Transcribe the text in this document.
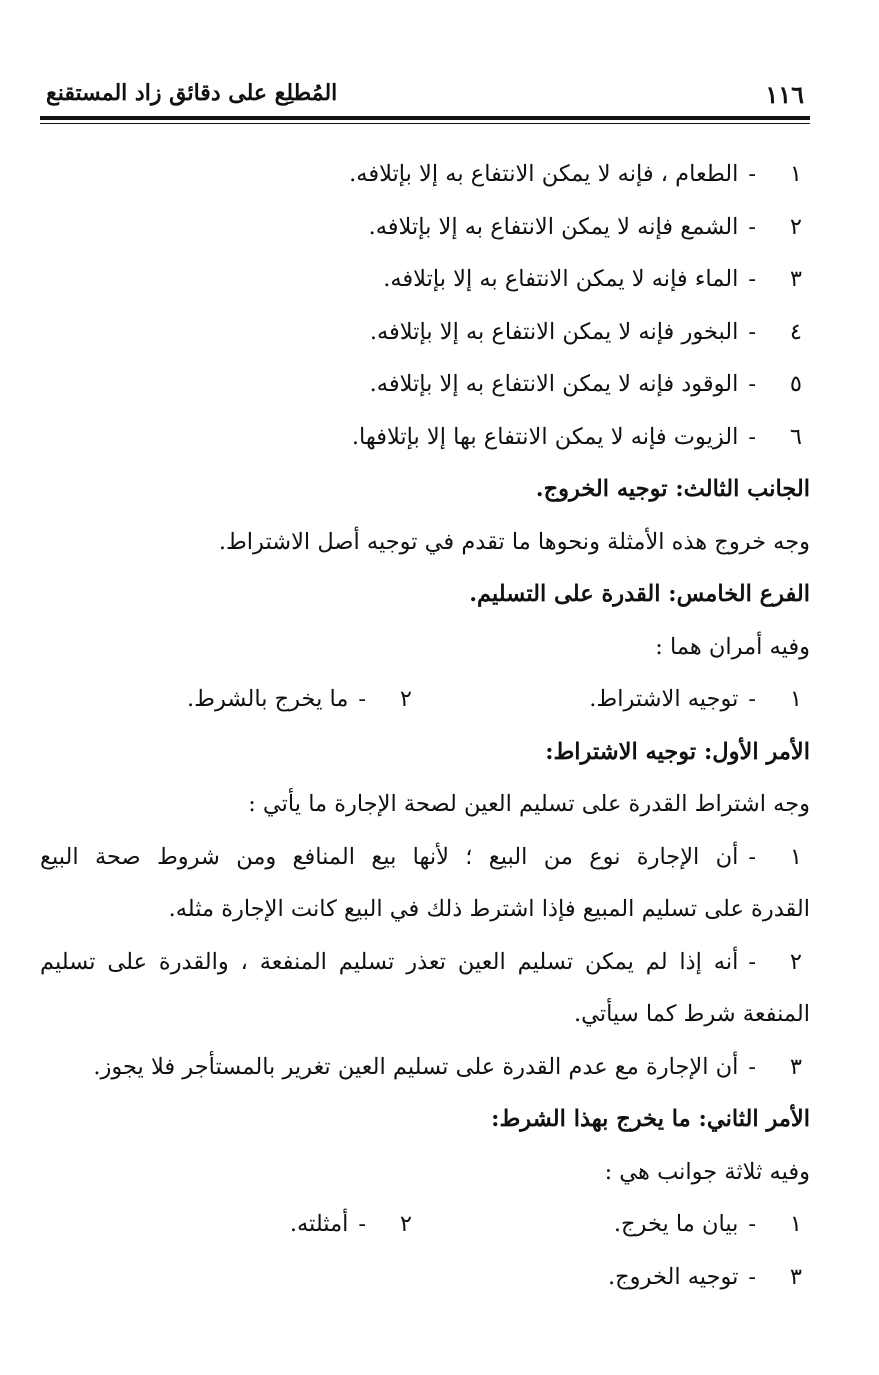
١١٦
المُطلِع على دقائق زاد المستقنع
١-الطعام ، فإنه لا يمكن الانتفاع به إلا بإتلافه.
٢-الشمع فإنه لا يمكن الانتفاع به إلا بإتلافه.
٣-الماء فإنه لا يمكن الانتفاع به إلا بإتلافه.
٤-البخور فإنه لا يمكن الانتفاع به إلا بإتلافه.
٥-الوقود فإنه لا يمكن الانتفاع به إلا بإتلافه.
٦-الزيوت فإنه لا يمكن الانتفاع بها إلا بإتلافها.
الجانب الثالث: توجيه الخروج.
وجه خروج هذه الأمثلة ونحوها ما تقدم في توجيه أصل الاشتراط.
الفرع الخامس: القدرة على التسليم.
وفيه أمران هما :
١-توجيه الاشتراط.
٢-ما يخرج بالشرط.
الأمر الأول: توجيه الاشتراط:
وجه اشتراط القدرة على تسليم العين لصحة الإجارة ما يأتي :
١-أن الإجارة نوع من البيع ؛ لأنها بيع المنافع ومن شروط صحة البيع
القدرة على تسليم المبيع فإذا اشترط ذلك في البيع كانت الإجارة مثله.
٢-أنه إذا لم يمكن تسليم العين تعذر تسليم المنفعة ، والقدرة على تسليم
المنفعة شرط كما سيأتي.
٣-أن الإجارة مع عدم القدرة على تسليم العين تغرير بالمستأجر فلا يجوز.
الأمر الثاني: ما يخرج بهذا الشرط:
وفيه ثلاثة جوانب هي :
١-بيان ما يخرج.
٢-أمثلته.
٣-توجيه الخروج.
